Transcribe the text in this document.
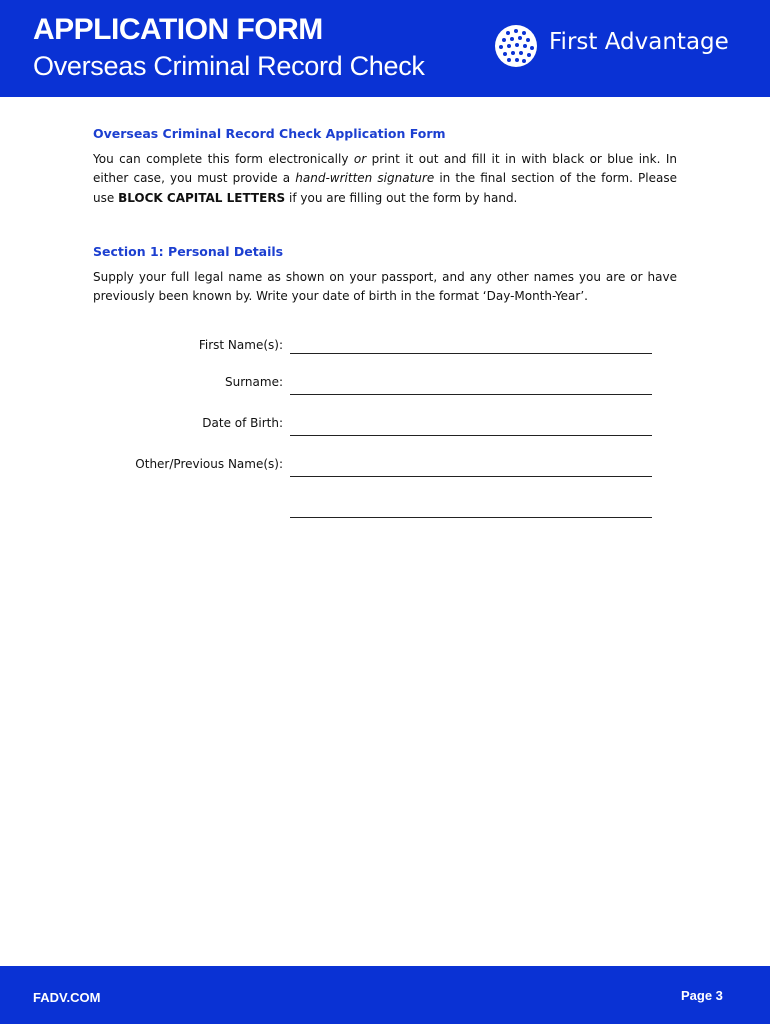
APPLICATION FORM
Overseas Criminal Record Check
First Advantage
Overseas Criminal Record Check Application Form

You can complete this form electronically or print it out and fill it in with black or blue ink. In either case, you must provide a hand-written signature in the final section of the form. Please use BLOCK CAPITAL LETTERS if you are filling out the form by hand.

Section 1: Personal Details

Supply your full legal name as shown on your passport, and any other names you are or have previously been known by. Write your date of birth in the format ‘Day-Month-Year’.

First Name(s):
Surname:
Date of Birth:
Other/Previous Name(s):
FADV.COM	Page 3
